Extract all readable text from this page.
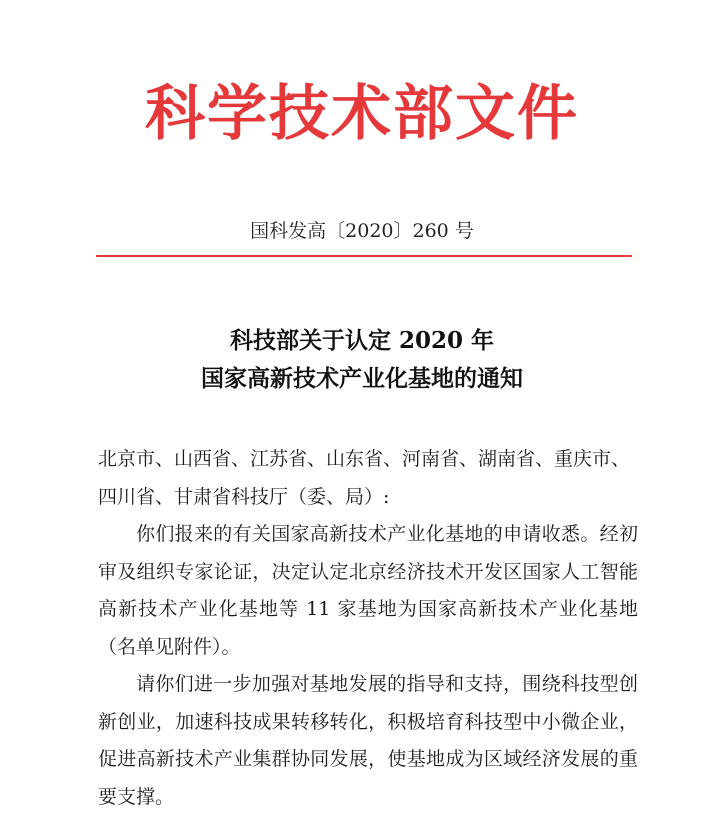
科学技术部文件
国科发高〔2020〕260 号
科技部关于认定 2020 年
国家高新技术产业化基地的通知

北京市、山西省、江苏省、山东省、河南省、湖南省、重庆市、四川省、甘肃省科技厅（委、局）:

你们报来的有关国家高新技术产业化基地的申请收悉。经初审及组织专家论证，决定认定北京经济技术开发区国家人工智能高新技术产业化基地等 11 家基地为国家高新技术产业化基地（名单见附件）。

请你们进一步加强对基地发展的指导和支持，围绕科技型创新创业，加速科技成果转移转化，积极培育科技型中小微企业，促进高新技术产业集群协同发展，使基地成为区域经济发展的重要支撑。
